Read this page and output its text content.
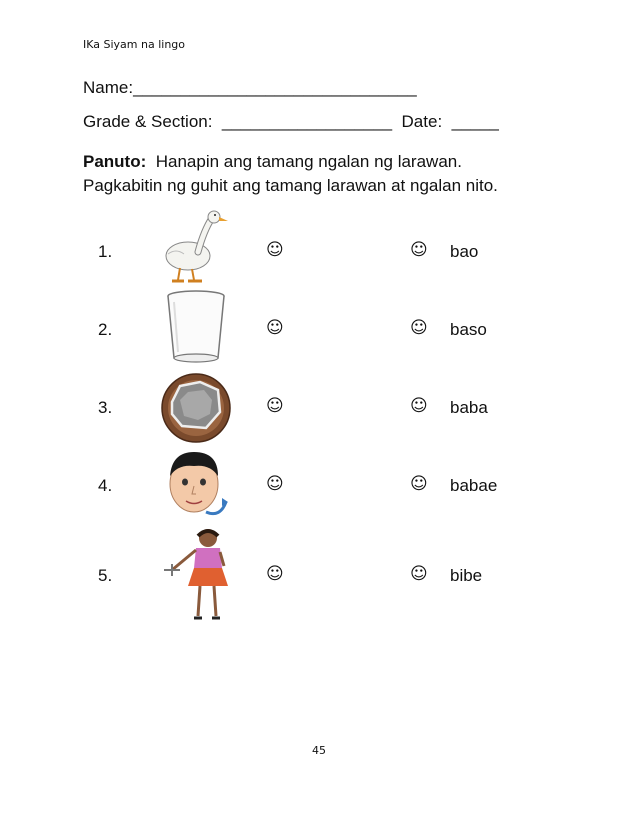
IKa Siyam na lingo
Name:______________________________
Grade & Section:  __________________  Date:  _____
Panuto:  Hanapin ang tamang ngalan ng larawan.
Pagkabitin ng guhit ang tamang larawan at ngalan nito.
1.	☺	☺ bao
2.	☺	☺ baso
3.	☺	☺ baba
4.	☺	☺ babae
5.	☺	☺ bibe
45
